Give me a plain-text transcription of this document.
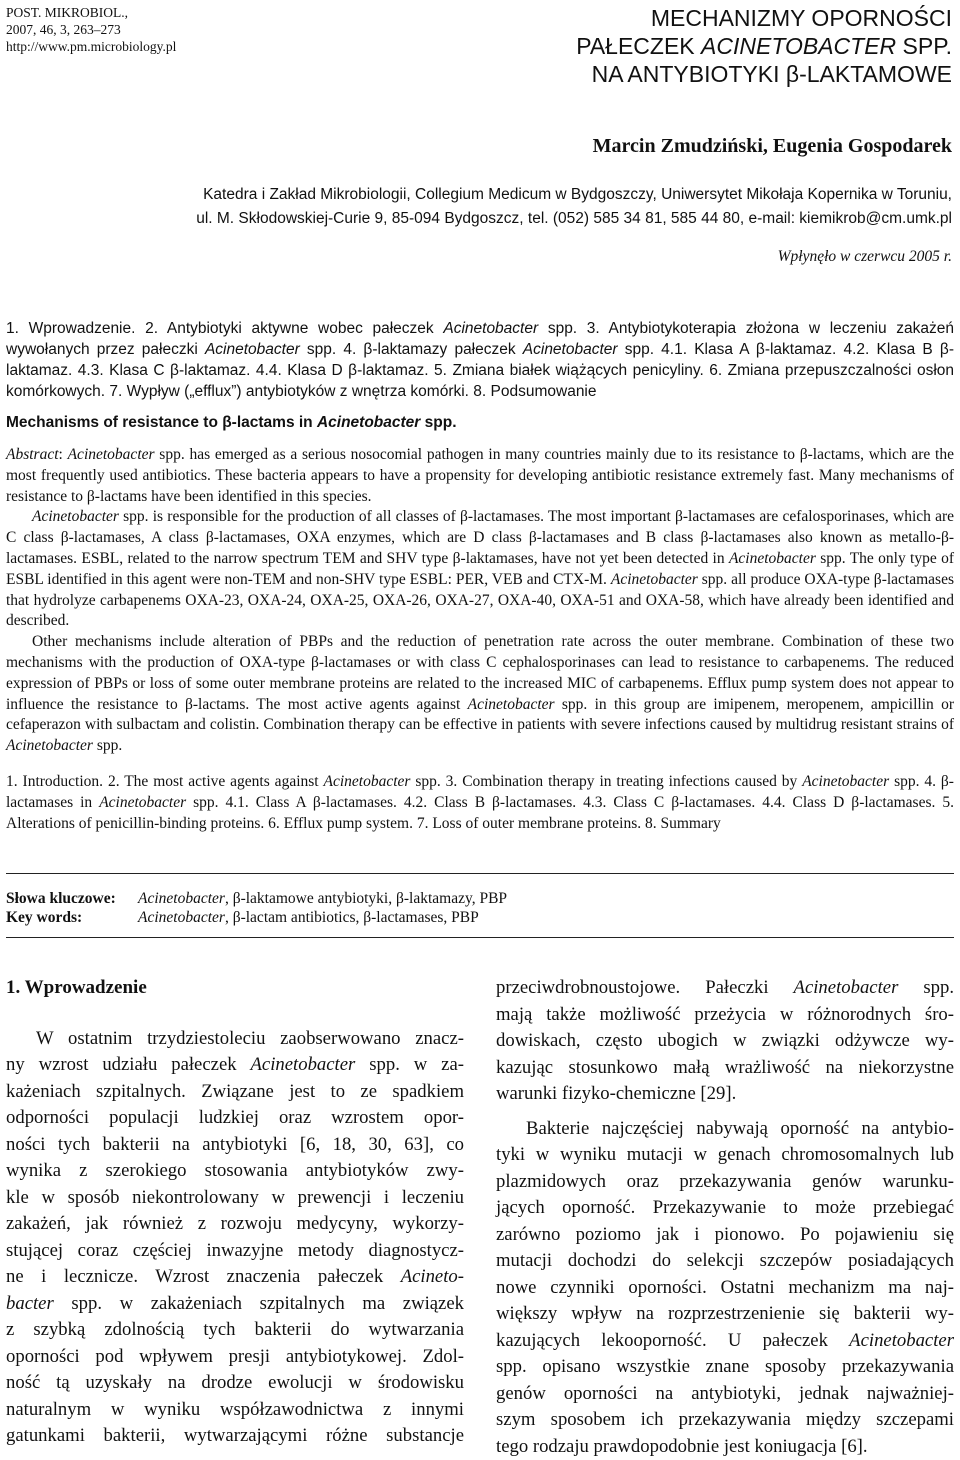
POST. MIKROBIOL.,
2007, 46, 3, 263–273
http://www.pm.microbiology.pl
MECHANIZMY OPORNOŚCI
PAŁECZEK ACINETOBACTER SPP.
NA ANTYBIOTYKI β-LAKTAMOWE
Marcin Zmudziński, Eugenia Gospodarek
Katedra i Zakład Mikrobiologii, Collegium Medicum w Bydgoszczy, Uniwersytet Mikołaja Kopernika w Toruniu,
ul. M. Skłodowskiej-Curie 9, 85-094 Bydgoszcz, tel. (052) 585 34 81, 585 44 80, e-mail: kiemikrob@cm.umk.pl
Wpłynęło w czerwcu 2005 r.
1. Wprowadzenie. 2. Antybiotyki aktywne wobec pałeczek Acinetobacter spp. 3. Antybiotykoterapia złożona w leczeniu zakażeń wywołanych przez pałeczki Acinetobacter spp. 4. β-laktamazy pałeczek Acinetobacter spp. 4.1. Klasa A β-laktamaz. 4.2. Klasa B β-laktamaz. 4.3. Klasa C β-laktamaz. 4.4. Klasa D β-laktamaz. 5. Zmiana białek wiążących penicyliny. 6. Zmiana przepuszczalności osłon komórkowych. 7. Wypływ („efflux”) antybiotyków z wnętrza komórki. 8. Podsumowanie
Mechanisms of resistance to β-lactams in Acinetobacter spp.

Abstract: Acinetobacter spp. has emerged as a serious nosocomial pathogen in many countries mainly due to its resistance to β-lactams, which are the most frequently used antibiotics. These bacteria appears to have a propensity for developing antibiotic resistance extremely fast. Many mechanisms of resistance to β-lactams have been identified in this species.

Acinetobacter spp. is responsible for the production of all classes of β-lactamases. The most important β-lactamases are cefalosporinases, which are C class β-lactamases, A class β-lactamases, OXA enzymes, which are D class β-lactamases and B class β-lactamases also known as metallo-β-lactamases. ESBL, related to the narrow spectrum TEM and SHV type β-laktamases, have not yet been detected in Acinetobacter spp. The only type of ESBL identified in this agent were non-TEM and non-SHV type ESBL: PER, VEB and CTX-M. Acinetobacter spp. all produce OXA-type β-lactamases that hydrolyze carbapenems OXA-23, OXA-24, OXA-25, OXA-26, OXA-27, OXA-40, OXA-51 and OXA-58, which have already been identified and described.

Other mechanisms include alteration of PBPs and the reduction of penetration rate across the outer membrane. Combination of these two mechanisms with the production of OXA-type β-lactamases or with class C cephalosporinases can lead to resistance to carbapenems. The reduced expression of PBPs or loss of some outer membrane proteins are related to the increased MIC of carbapenems. Efflux pump system does not appear to influence the resistance to β-lactams. The most active agents against Acinetobacter spp. in this group are imipenem, meropenem, ampicillin or cefaperazon with sulbactam and colistin. Combination therapy can be effective in patients with severe infections caused by multidrug resistant strains of Acinetobacter spp.

1. Introduction. 2. The most active agents against Acinetobacter spp. 3. Combination therapy in treating infections caused by Acinetobacter spp. 4. β-lactamases in Acinetobacter spp. 4.1. Class A β-lactamases. 4.2. Class B β-lactamases. 4.3. Class C β-lactamases. 4.4. Class D β-lactamases. 5. Alterations of penicillin-binding proteins. 6. Efflux pump system. 7. Loss of outer membrane proteins. 8. Summary
Słowa kluczowe: Acinetobacter, β-laktamowe antybiotyki, β-laktamazy, PBP
Key words:	Acinetobacter, β-lactam antibiotics, β-lactamases, PBP
1. Wprowadzenie
W ostatnim trzydziestoleciu zaobserwowano znacz-
ny wzrost udziału pałeczek Acinetobacter spp. w za-
każeniach szpitalnych. Związane jest to ze spadkiem
odporności populacji ludzkiej oraz wzrostem opor-
ności tych bakterii na antybiotyki [6, 18, 30, 63], co
wynika z szerokiego stosowania antybiotyków zwy-
kle w sposób niekontrolowany w prewencji i leczeniu
zakażeń, jak również z rozwoju medycyny, wykorzy-
stującej coraz częściej inwazyjne metody diagnostycz-
ne i lecznicze. Wzrost znaczenia pałeczek Acineto-
bacter spp. w zakażeniach szpitalnych ma związek
z szybką zdolnością tych bakterii do wytwarzania
oporności pod wpływem presji antybiotykowej. Zdol-
ność tą uzyskały na drodze ewolucji w środowisku
naturalnym w wyniku współzawodnictwa z innymi
gatunkami bakterii, wytwarzającymi różne substancje
przeciwdrobnoustojowe. Pałeczki Acinetobacter spp.
mają także możliwość przeżycia w różnorodnych śro-
dowiskach, często ubogich w związki odżywcze wy-
kazując stosunkowo małą wrażliwość na niekorzystne
warunki fizyko-chemiczne [29].
Bakterie najczęściej nabywają oporność na antybio-
tyki w wyniku mutacji w genach chromosomalnych lub
plazmidowych oraz przekazywania genów warunku-
jących oporność. Przekazywanie to może przebiegać
zarówno poziomo jak i pionowo. Po pojawieniu się
mutacji dochodzi do selekcji szczepów posiadających
nowe czynniki oporności. Ostatni mechanizm ma naj-
większy wpływ na rozprzestrzenienie się bakterii wy-
kazujących lekooporność. U pałeczek Acinetobacter
spp. opisano wszystkie znane sposoby przekazywania
genów oporności na antybiotyki, jednak najważniej-
szym sposobem ich przekazywania między szczepami
tego rodzaju prawdopodobnie jest koniugacja [6].
